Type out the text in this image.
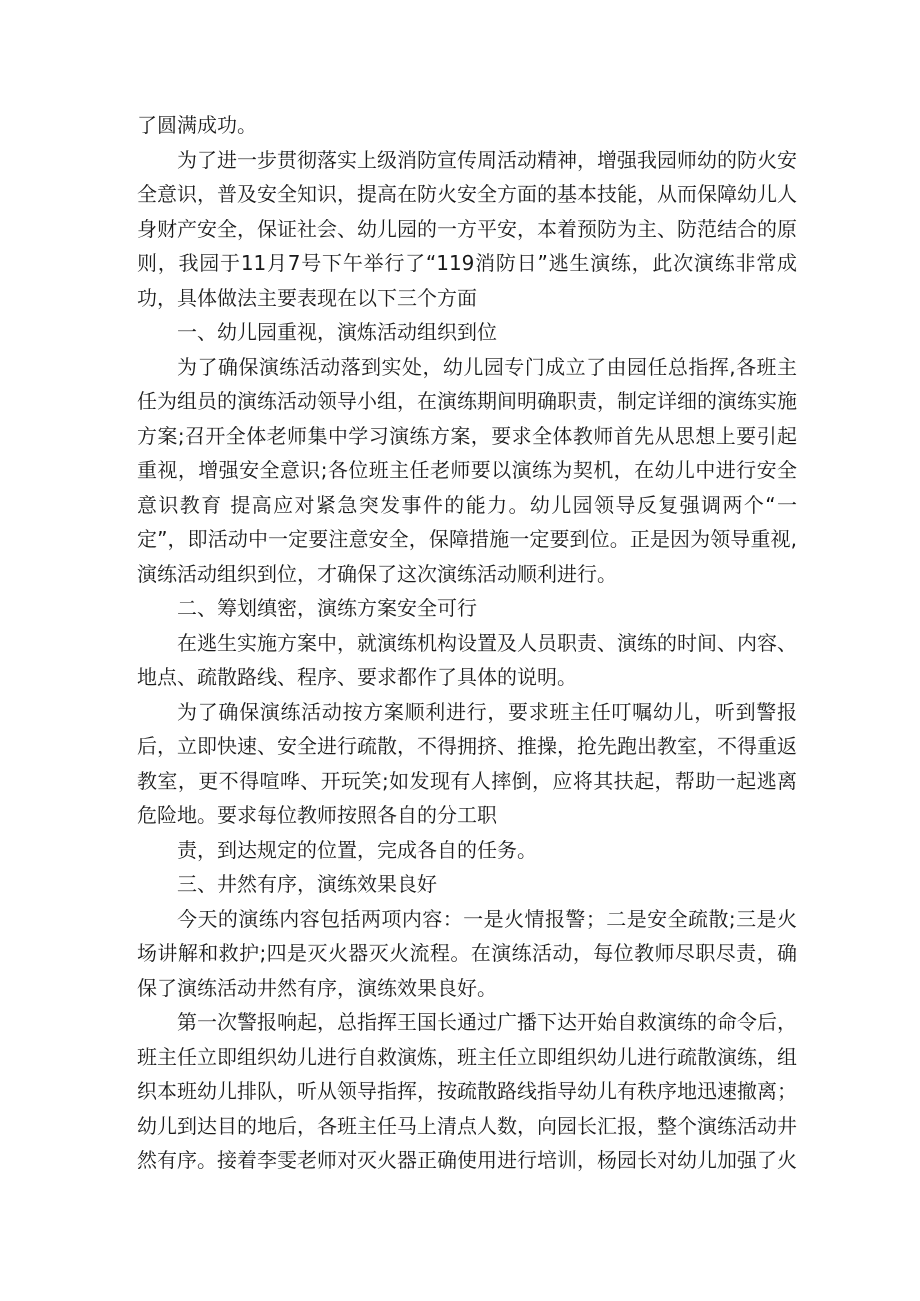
了圆满成功。

为了进一步贯彻落实上级消防宣传周活动精神，增强我园师幼的防火安全意识，普及安全知识，提高在防火安全方面的基本技能，从而保障幼儿人身财产安全，保证社会、幼儿园的一方平安，本着预防为主、防范结合的原则，我园于11月7号下午举行了“119消防日”逃生演练，此次演练非常成功，具体做法主要表现在以下三个方面

一、幼儿园重视，演炼活动组织到位

为了确保演练活动落到实处，幼儿园专门成立了由园任总指挥,各班主任为组员的演练活动领导小组，在演练期间明确职责，制定详细的演练实施方案;召开全体老师集中学习演练方案，要求全体教师首先从思想上要引起重视，增强安全意识;各位班主任老师要以演练为契机，在幼儿中进行安全意识教育 提高应对紧急突发事件的能力。幼儿园领导反复强调两个“一定”，即活动中一定要注意安全，保障措施一定要到位。正是因为领导重视,演练活动组织到位，才确保了这次演练活动顺利进行。

二、筹划缜密，演练方案安全可行

在逃生实施方案中，就演练机构设置及人员职责、演练的时间、内容、地点、疏散路线、程序、要求都作了具体的说明。

为了确保演练活动按方案顺利进行，要求班主任叮嘱幼儿，听到警报后，立即快速、安全进行疏散，不得拥挤、推操，抢先跑出教室，不得重返教室，更不得喧哗、开玩笑;如发现有人摔倒，应将其扶起，帮助一起逃离危险地。要求每位教师按照各自的分工职

责，到达规定的位置，完成各自的任务。

三、井然有序，演练效果良好

今天的演练内容包括两项内容：一是火情报警；二是安全疏散;三是火场讲解和救护;四是灭火器灭火流程。在演练活动，每位教师尽职尽责，确保了演练活动井然有序，演练效果良好。

第一次警报响起，总指挥王国长通过广播下达开始自救演练的命令后，班主任立即组织幼儿进行自救演炼，班主任立即组织幼儿进行疏散演练，组织本班幼儿排队，听从领导指挥，按疏散路线指导幼儿有秩序地迅速撤离；幼儿到达目的地后，各班主任马上清点人数，向园长汇报，整个演练活动井然有序。接着李雯老师对灭火器正确使用进行培训，杨园长对幼儿加强了火
